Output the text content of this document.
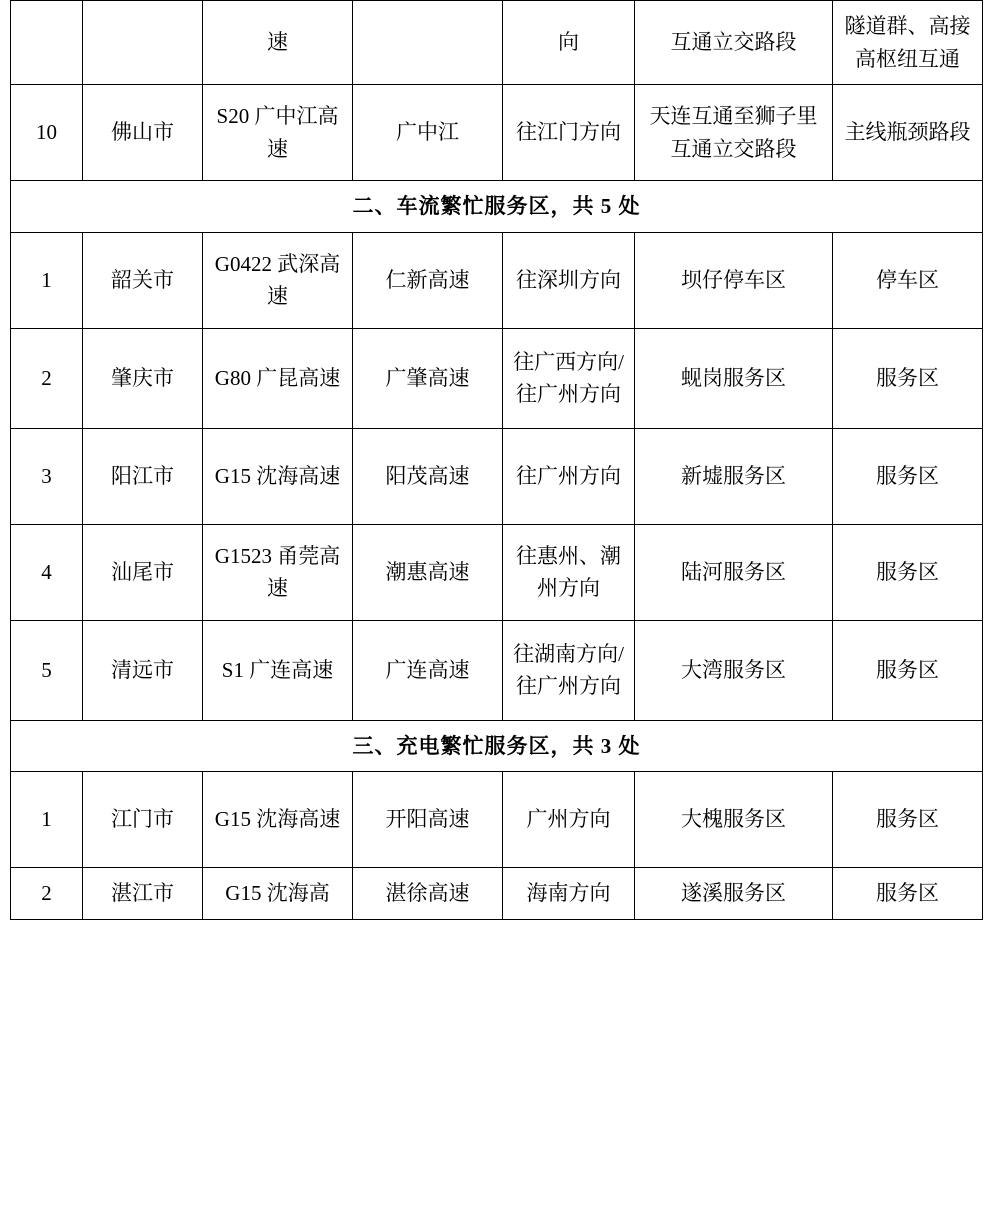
		速		向	互通立交路段	隧道群、高接高枢纽互通
10	佛山市	S20 广中江高速	广中江	往江门方向	天连互通至狮子里互通立交路段	主线瓶颈路段
二、车流繁忙服务区，共 5 处						
1	韶关市	G0422 武深高速	仁新高速	往深圳方向	坝仔停车区	停车区
2	肇庆市	G80 广昆高速	广肇高速	往广西方向/往广州方向	蚬岗服务区	服务区
3	阳江市	G15 沈海高速	阳茂高速	往广州方向	新墟服务区	服务区
4	汕尾市	G1523 甬莞高速	潮惠高速	往惠州、潮州方向	陆河服务区	服务区
5	清远市	S1 广连高速	广连高速	往湖南方向/往广州方向	大湾服务区	服务区
三、充电繁忙服务区，共 3 处						
1	江门市	G15 沈海高速	开阳高速	广州方向	大槐服务区	服务区
2	湛江市	G15 沈海高	湛徐高速	海南方向	遂溪服务区	服务区
